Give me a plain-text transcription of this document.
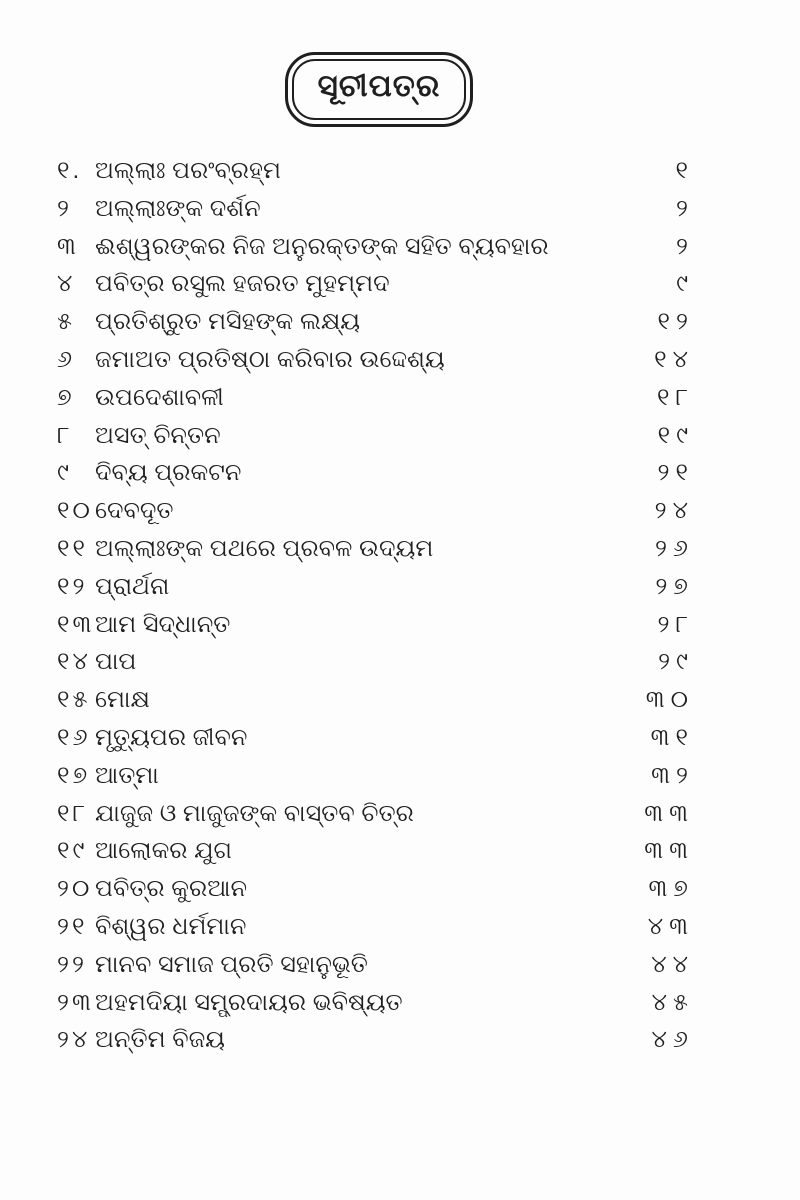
ସୂଚୀପତ୍ର
୧. ଅଲ୍ଲାଃ ପରଂବ୍ରହ୍ମ	୧
୨ ଅଲ୍ଲାଃଙ୍କ ଦର୍ଶନ	୨
୩ ଈଶ୍ୱରଙ୍କର ନିଜ ଅନୁରକ୍ତଙ୍କ ସହିତ ବ୍ୟବହାର	୨
୪ ପବିତ୍ର ରସୁଲ ହଜରତ ମୁହମ୍ମଦ	୯
୫ ପ୍ରତିଶ୍ରୁତ ମସିହଙ୍କ ଲକ୍ଷ୍ୟ	୧୨
୬ ଜମାଅତ ପ୍ରତିଷ୍ଠା କରିବାର ଉଦ୍ଦେଶ୍ୟ	୧୪
୭ ଉପଦେଶାବଳୀ	୧୮
୮ ଅସତ୍ ଚିନ୍ତନ	୧୯
୯ ଦିବ୍ୟ ପ୍ରକଟନ	୨୧
୧୦ ଦେବଦୂତ	୨୪
୧୧ ଅଲ୍ଲାଃଙ୍କ ପଥରେ ପ୍ରବଳ ଉଦ୍ୟମ	୨୬
୧୨ ପ୍ରାର୍ଥନା	୨୭
୧୩ ଆମ ସିଦ୍ଧାନ୍ତ	୨୮
୧୪ ପାପ	୨୯
୧୫ ମୋକ୍ଷ	୩୦
୧୬ ମୃତ୍ୟୁପର ଜୀବନ	୩୧
୧୭ ଆତ୍ମା	୩୨
୧୮ ଯାଜୁଜ ଓ ମାଜୁଜଙ୍କ ବାସ୍ତବ ଚିତ୍ର	୩୩
୧୯ ଆଲୋକର ଯୁଗ	୩୩
୨୦ ପବିତ୍ର କୁରଆନ	୩୭
୨୧ ବିଶ୍ୱର ଧର୍ମମାନ	୪୩
୨୨ ମାନବ ସମାଜ ପ୍ରତି ସହାନୁଭୂତି	୪୪
୨୩ ଅହମଦିୟା ସମ୍ପ୍ରଦାୟର ଭବିଷ୍ୟତ	୪୫
୨୪ ଅନ୍ତିମ ବିଜୟ	୪୬
